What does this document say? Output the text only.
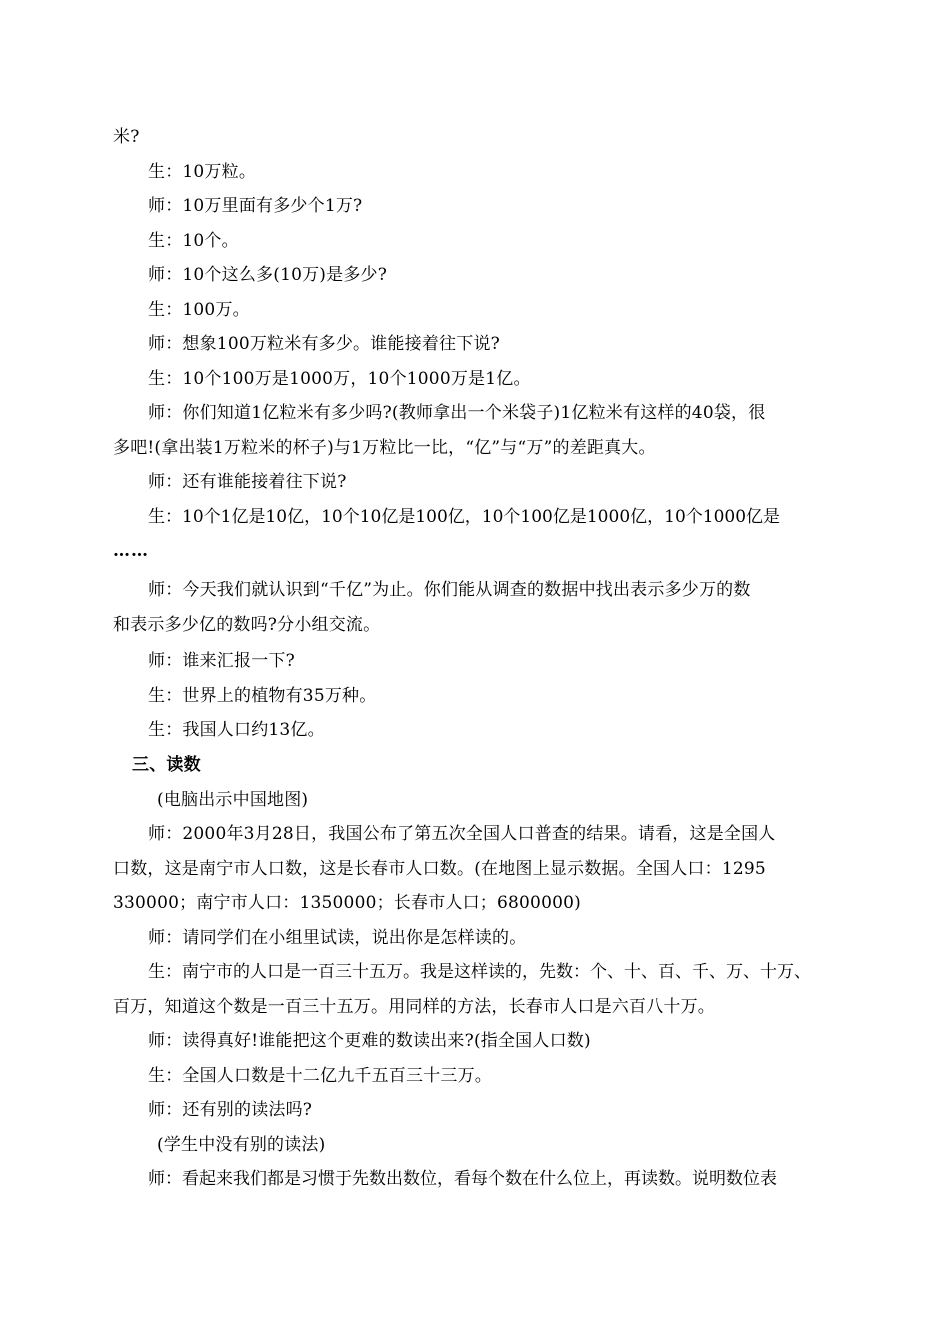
米?
生：10万粒。
师：10万里面有多少个1万?
生：10个。
师：10个这么多(10万)是多少?
生：100万。
师：想象100万粒米有多少。谁能接着往下说?
生：10个100万是1000万，10个1000万是1亿。
师：你们知道1亿粒米有多少吗?(教师拿出一个米袋子)1亿粒米有这样的40袋，很
多吧!(拿出装1万粒米的杯子)与1万粒比一比，“亿”与“万”的差距真大。
师：还有谁能接着往下说?
生：10个1亿是10亿，10个10亿是100亿，10个100亿是1000亿，10个1000亿是
……
师：今天我们就认识到“千亿”为止。你们能从调查的数据中找出表示多少万的数
和表示多少亿的数吗?分小组交流。
师：谁来汇报一下?
生：世界上的植物有35万种。
生：我国人口约13亿。
三、读数
(电脑出示中国地图)
师：2000年3月28日，我国公布了第五次全国人口普查的结果。请看，这是全国人
口数，这是南宁市人口数，这是长春市人口数。(在地图上显示数据。全国人口：1295
330000；南宁市人口：1350000；长春市人口；6800000)
师：请同学们在小组里试读，说出你是怎样读的。
生：南宁市的人口是一百三十五万。我是这样读的，先数：个、十、百、千、万、十万、
百万，知道这个数是一百三十五万。用同样的方法，长春市人口是六百八十万。
师：读得真好!谁能把这个更难的数读出来?(指全国人口数)
生：全国人口数是十二亿九千五百三十三万。
师：还有别的读法吗?
(学生中没有别的读法)
师：看起来我们都是习惯于先数出数位，看每个数在什么位上，再读数。说明数位表
